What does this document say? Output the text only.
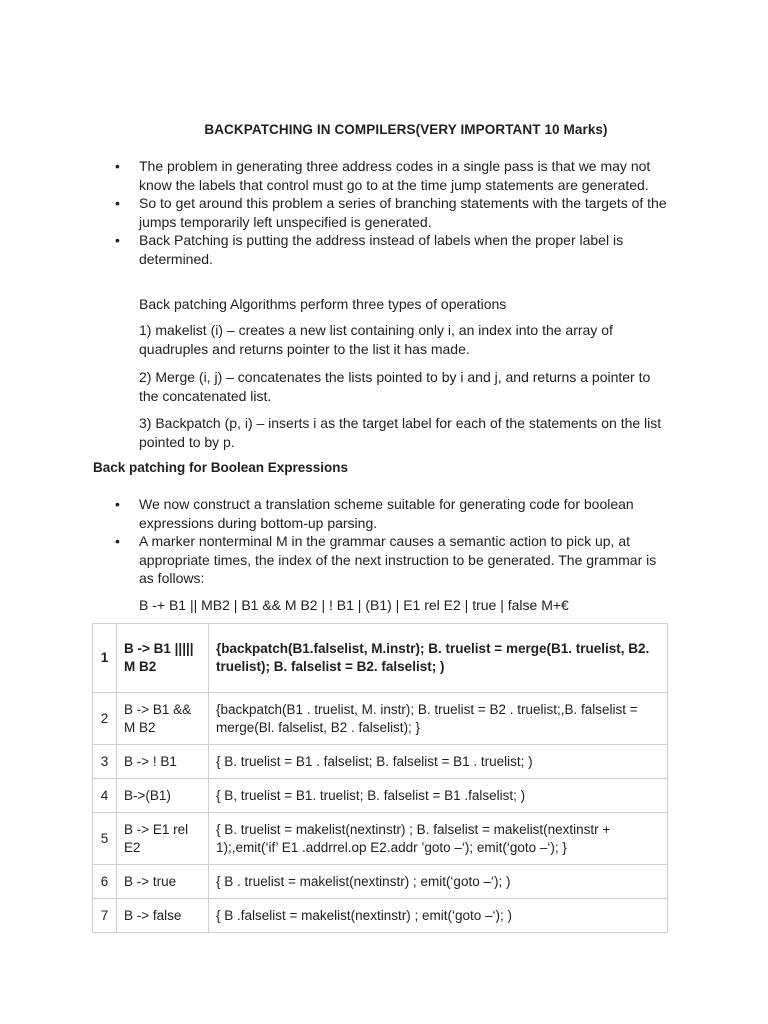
BACKPATCHING IN COMPILERS(VERY IMPORTANT 10 Marks)
• The problem in generating three address codes in a single pass is that we may not know the labels that control must go to at the time jump statements are generated.
• So to get around this problem a series of branching statements with the targets of the jumps temporarily left unspecified is generated.
• Back Patching is putting the address instead of labels when the proper label is determined.

Back patching Algorithms perform three types of operations

1) makelist (i) – creates a new list containing only i, an index into the array of quadruples and returns pointer to the list it has made.

2) Merge (i, j) – concatenates the lists pointed to by i and j, and returns a pointer to the concatenated list.

3) Backpatch (p, i) – inserts i as the target label for each of the statements on the list pointed to by p.

Back patching for Boolean Expressions

• We now construct a translation scheme suitable for generating code for boolean expressions during bottom-up parsing.
• A marker nonterminal M in the grammar causes a semantic action to pick up, at appropriate times, the index of the next instruction to be generated. The grammar is as follows:

B -+ B1 || MB2 | B1 && M B2 | ! B1 | (B1) | E1 rel E2 | true | false M+€

1	B -> B1 ||||| M B2	{backpatch(B1.falselist, M.instr); B. truelist = merge(B1. truelist, B2. truelist); B. falselist = B2. falselist; )
2	B -> B1 && M B2	{backpatch(B1 . truelist, M. instr); B. truelist = B2 . truelist;,B. falselist = merge(Bl. falselist, B2 . falselist); }
3	B -> ! B1	{ B. truelist = B1 . falselist; B. falselist = B1 . truelist; )
4	B->(B1)	{ B, truelist = B1. truelist; B. falselist = B1 .falselist; )
5	B -> E1 rel E2	{ B. truelist = makelist(nextinstr) ; B. falselist = makelist(nextinstr + 1);,emit(‘if’ E1 .addrrel.op E2.addr ’goto –‘); emit(‘goto –‘); }
6	B -> true	{ B . truelist = makelist(nextinstr) ; emit(‘goto –‘); )
7	B -> false	{ B .falselist = makelist(nextinstr) ; emit(‘goto –‘); )
